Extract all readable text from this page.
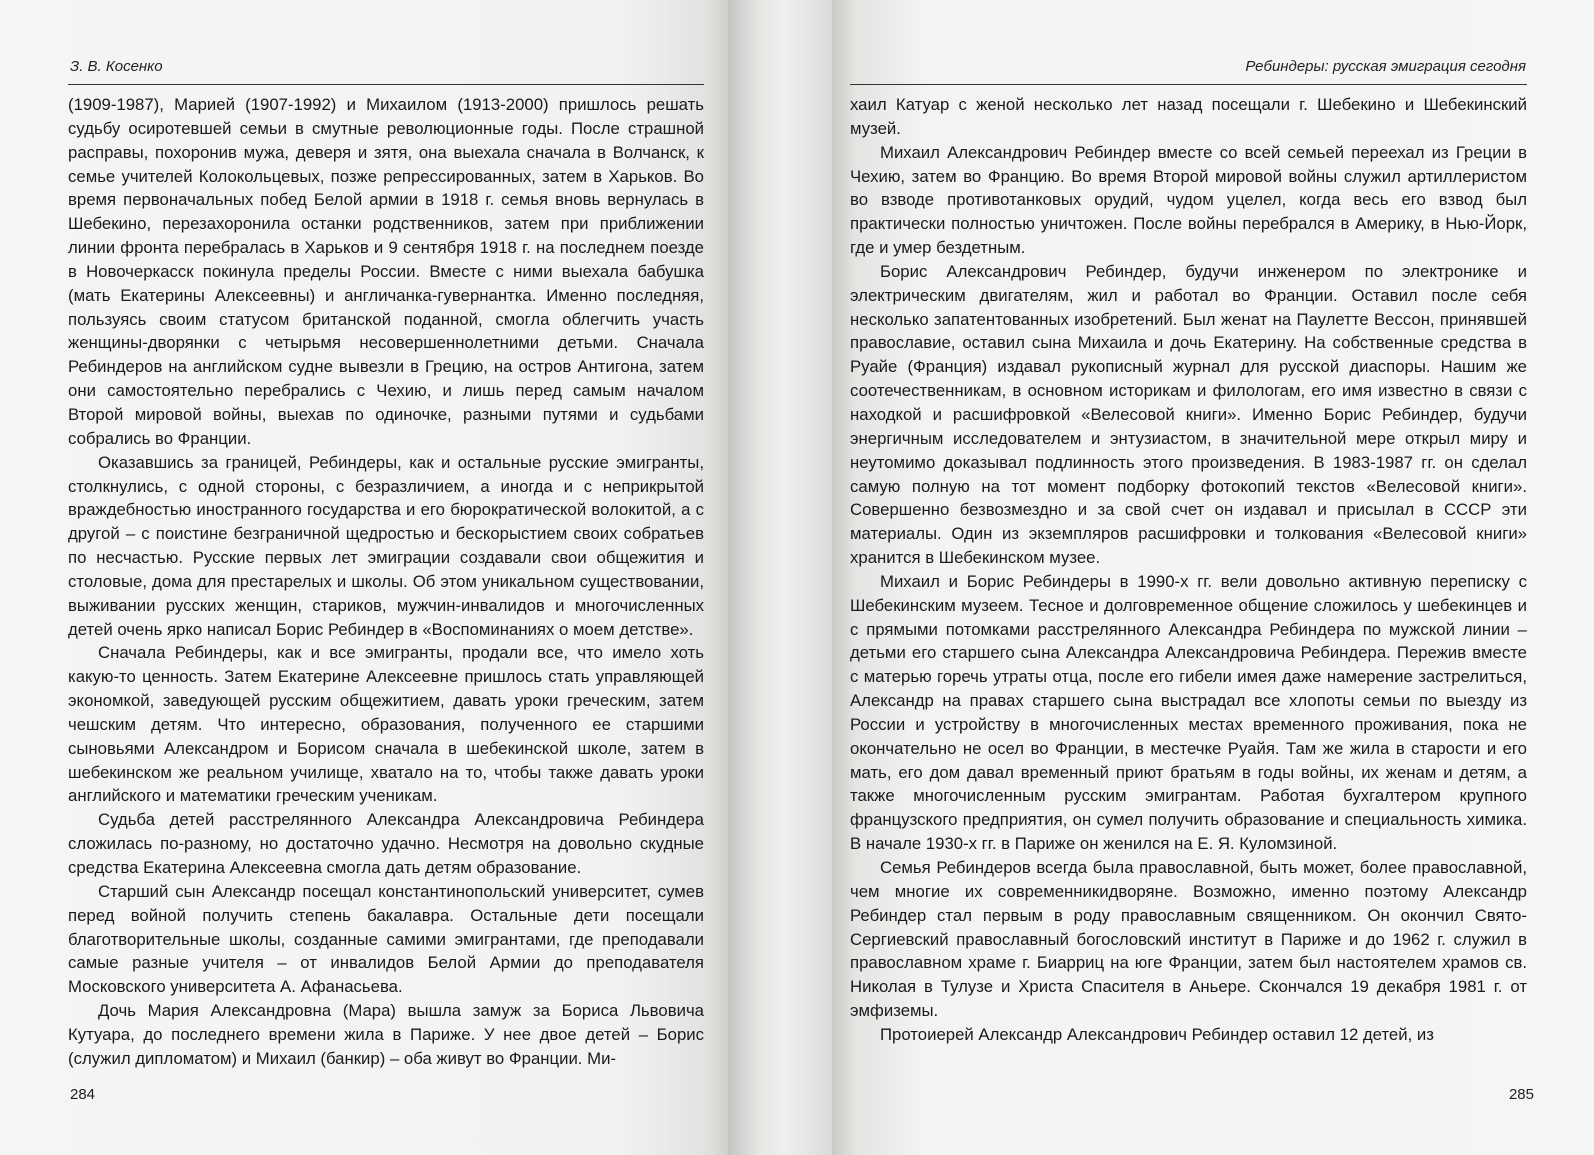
З. В. Косенко

(1909-1987), Марией (1907-1992) и Михаилом (1913-2000) пришлось решать судьбу осиротевшей семьи в смутные революционные годы. После страшной расправы, похоронив мужа, деверя и зятя, она выехала сначала в Волчанск, к семье учителей Колокольцевых, позже репрессированных, затем в Харьков. Во время первоначальных побед Белой армии в 1918 г. семья вновь вернулась в Шебекино, перезахоронила останки родственников, затем при приближении линии фронта перебралась в Харьков и 9 сентября 1918 г. на последнем поезде в Новочеркасск покинула пределы России. Вместе с ними выехала бабушка (мать Екатерины Алексеевны) и англичанка-гувернантка. Именно последняя, пользуясь своим статусом британской поданной, смогла облегчить участь женщины-дворянки с четырьмя несовершеннолетними детьми. Сначала Ребиндеров на английском судне вывезли в Грецию, на остров Антигона, затем они самостоятельно перебрались с Чехию, и лишь перед самым началом Второй мировой войны, выехав по одиночке, разными путями и судьбами собрались во Франции.

Оказавшись за границей, Ребиндеры, как и остальные русские эмигранты, столкнулись, с одной стороны, с безразличием, а иногда и с неприкрытой враждебностью иностранного государства и его бюрократической волокитой, а с другой – с поистине безграничной щедростью и бескорыстием своих собратьев по несчастью. Русские первых лет эмиграции создавали свои общежития и столовые, дома для престарелых и школы. Об этом уникальном существовании, выживании русских женщин, стариков, мужчин-инвалидов и многочисленных детей очень ярко написал Борис Ребиндер в «Воспоминаниях о моем детстве».

Сначала Ребиндеры, как и все эмигранты, продали все, что имело хоть какую-то ценность. Затем Екатерине Алексеевне пришлось стать управляющей экономкой, заведующей русским общежитием, давать уроки греческим, затем чешским детям. Что интересно, образования, полученного ее старшими сыновьями Александром и Борисом сначала в шебекинской школе, затем в шебекинском же реальном училище, хватало на то, чтобы также давать уроки английского и математики греческим ученикам.

Судьба детей расстрелянного Александра Александровича Ребиндера сложилась по-разному, но достаточно удачно. Несмотря на довольно скудные средства Екатерина Алексеевна смогла дать детям образование.

Старший сын Александр посещал константинопольский университет, сумев перед войной получить степень бакалавра. Остальные дети посещали благотворительные школы, созданные самими эмигрантами, где преподавали самые разные учителя – от инвалидов Белой Армии до преподавателя Московского университета А. Афанасьева.

Дочь Мария Александровна (Мара) вышла замуж за Бориса Львовича Кутуара, до последнего времени жила в Париже. У нее двое детей – Борис (служил дипломатом) и Михаил (банкир) – оба живут во Франции. Ми-

284
Ребиндеры: русская эмиграция сегодня

хаил Катуар с женой несколько лет назад посещали г. Шебекино и Шебекинский музей.

Михаил Александрович Ребиндер вместе со всей семьей переехал из Греции в Чехию, затем во Францию. Во время Второй мировой войны служил артиллеристом во взводе противотанковых орудий, чудом уцелел, когда весь его взвод был практически полностью уничтожен. После войны перебрался в Америку, в Нью-Йорк, где и умер бездетным.

Борис Александрович Ребиндер, будучи инженером по электронике и электрическим двигателям, жил и работал во Франции. Оставил после себя несколько запатентованных изобретений. Был женат на Паулетте Вессон, принявшей православие, оставил сына Михаила и дочь Екатерину. На собственные средства в Руайе (Франция) издавал рукописный журнал для русской диаспоры. Нашим же соотечественникам, в основном историкам и филологам, его имя известно в связи с находкой и расшифровкой «Велесовой книги». Именно Борис Ребиндер, будучи энергичным исследователем и энтузиастом, в значительной мере открыл миру и неутомимо доказывал подлинность этого произведения. В 1983-1987 гг. он сделал самую полную на тот момент подборку фотокопий текстов «Велесовой книги». Совершенно безвозмездно и за свой счет он издавал и присылал в СССР эти материалы. Один из экземпляров расшифровки и толкования «Велесовой книги» хранится в Шебекинском музее.

Михаил и Борис Ребиндеры в 1990-х гг. вели довольно активную переписку с Шебекинским музеем. Тесное и долговременное общение сложилось у шебекинцев и с прямыми потомками расстрелянного Александра Ребиндера по мужской линии – детьми его старшего сына Александра Александровича Ребиндера. Пережив вместе с матерью горечь утраты отца, после его гибели имея даже намерение застрелиться, Александр на правах старшего сына выстрадал все хлопоты семьи по выезду из России и устройству в многочисленных местах временного проживания, пока не окончательно не осел во Франции, в местечке Руайя. Там же жила в старости и его мать, его дом давал временный приют братьям в годы войны, их женам и детям, а также многочисленным русским эмигрантам. Работая бухгалтером крупного французского предприятия, он сумел получить образование и специальность химика. В начале 1930-х гг. в Париже он женился на Е. Я. Куломзиной.

Семья Ребиндеров всегда была православной, быть может, более православной, чем многие их современникидворяне. Возможно, именно поэтому Александр Ребиндер стал первым в роду православным священником. Он окончил Свято-Сергиевский православный богословский институт в Париже и до 1962 г. служил в православном храме г. Биарриц на юге Франции, затем был настоятелем храмов св. Николая в Тулузе и Христа Спасителя в Аньере. Скончался 19 декабря 1981 г. от эмфиземы.

Протоиерей Александр Александрович Ребиндер оставил 12 детей, из

285
